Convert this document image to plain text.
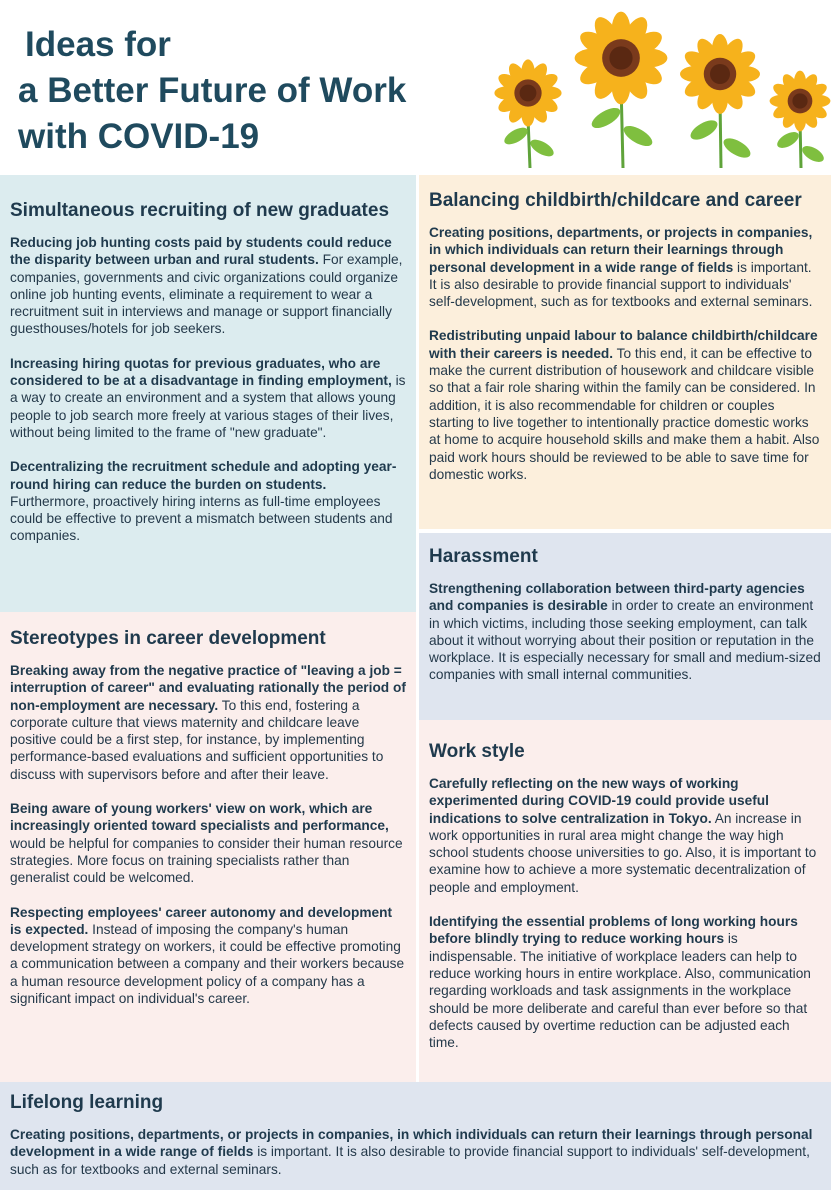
Ideas for
a Better Future of Work
with COVID-19
Simultaneous recruiting of new graduates

Reducing job hunting costs paid by students could reduce the disparity between urban and rural students. For example, companies, governments and civic organizations could organize online job hunting events, eliminate a requirement to wear a recruitment suit in interviews and manage or support financially guesthouses/hotels for job seekers.

Increasing hiring quotas for previous graduates, who are considered to be at a disadvantage in finding employment, is a way to create an environment and a system that allows young people to job search more freely at various stages of their lives, without being limited to the frame of "new graduate".

Decentralizing the recruitment schedule and adopting year-round hiring can reduce the burden on students. Furthermore, proactively hiring interns as full-time employees could be effective to prevent a mismatch between students and companies.

Stereotypes in career development

Breaking away from the negative practice of "leaving a job = interruption of career" and evaluating rationally the period of non-employment are necessary. To this end, fostering a corporate culture that views maternity and childcare leave positive could be a first step, for instance, by implementing performance-based evaluations and sufficient opportunities to discuss with supervisors before and after their leave.

Being aware of young workers' view on work, which are increasingly oriented toward specialists and performance, would be helpful for companies to consider their human resource strategies. More focus on training specialists rather than generalist could be welcomed.

Respecting employees' career autonomy and development is expected. Instead of imposing the company's human development strategy on workers, it could be effective promoting a communication between a company and their workers because a human resource development policy of a company has a significant impact on individual's career.

Balancing childbirth/childcare and career

Creating positions, departments, or projects in companies, in which individuals can return their learnings through personal development in a wide range of fields is important. It is also desirable to provide financial support to individuals' self-development, such as for textbooks and external seminars.

Redistributing unpaid labour to balance childbirth/childcare with their careers is needed. To this end, it can be effective to make the current distribution of housework and childcare visible so that a fair role sharing within the family can be considered. In addition, it is also recommendable for children or couples starting to live together to intentionally practice domestic works at home to acquire household skills and make them a habit. Also paid work hours should be reviewed to be able to save time for domestic works.

Harassment

Strengthening collaboration between third-party agencies and companies is desirable in order to create an environment in which victims, including those seeking employment, can talk about it without worrying about their position or reputation in the workplace. It is especially necessary for small and medium-sized companies with small internal communities.

Work style

Carefully reflecting on the new ways of working experimented during COVID-19 could provide useful indications to solve centralization in Tokyo. An increase in work opportunities in rural area might change the way high school students choose universities to go. Also, it is important to examine how to achieve a more systematic decentralization of people and employment.

Identifying the essential problems of long working hours before blindly trying to reduce working hours is indispensable. The initiative of workplace leaders can help to reduce working hours in entire workplace. Also, communication regarding workloads and task assignments in the workplace should be more deliberate and careful than ever before so that defects caused by overtime reduction can be adjusted each time.

Lifelong learning

Creating positions, departments, or projects in companies, in which individuals can return their learnings through personal development in a wide range of fields is important. It is also desirable to provide financial support to individuals' self-development, such as for textbooks and external seminars.
